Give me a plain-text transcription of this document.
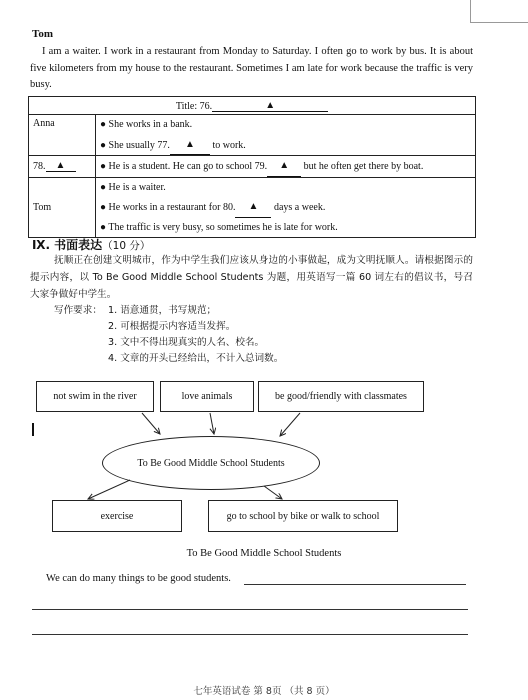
Tom
I am a waiter. I work in a restaurant from Monday to Saturday. I often go to work by bus. It is about five kilometers from my house to the restaurant. Sometimes I am late for work because the traffic is very busy.
Title: 76. ▲	
Anna	● She works in a bank.
● She usually 77. ▲ to work.

78. ▲	● He is a student. He can go to school 79. ▲ but he often get there by boat.

Tom	● He is a waiter.
● He works in a restaurant for 80. ▲ days a week.
● The traffic is very busy, so sometimes he is late for work.
Ⅸ. 书面表达（10 分）
抚顺正在创建文明城市，作为中学生我们应该从身边的小事做起，成为文明抚顺人。请根据图示的提示内容，以 To Be Good Middle School Students 为题，用英语写一篇 60 词左右的倡议书，号召大家争做好中学生。
写作要求： 1. 语意通贯，书写规范；
2. 可根据提示内容适当发挥。
3. 文中不得出现真实的人名、校名。
4. 文章的开头已经给出，不计入总词数。
not swim in the river	love animals	be good/friendly with classmates
To Be Good Middle School Students
exercise	go to school by bike or walk to school
To Be Good Middle School Students
We can do many things to be good students.
七年英语试卷 第 8页 （共 8 页）
